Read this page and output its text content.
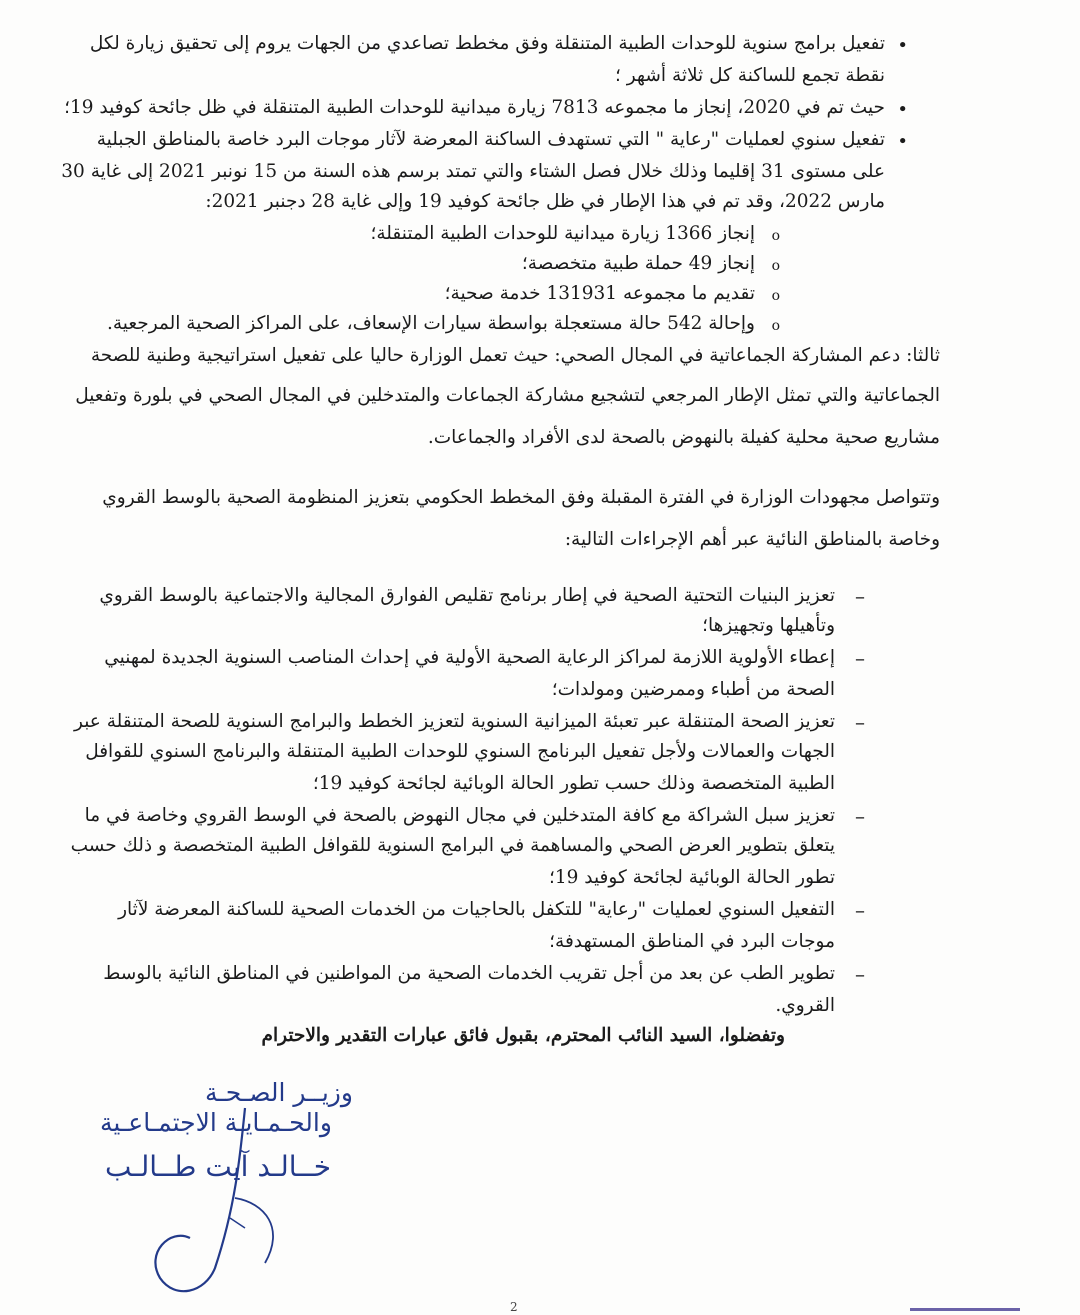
•
تفعيل برامج سنوية للوحدات الطبية المتنقلة وفق مخطط تصاعدي من الجهات يروم إلى تحقيق زيارة لكل
نقطة تجمع للساكنة كل ثلاثة أشهر ؛
•
حيث تم في 2020، إنجاز ما مجموعه 7813 زيارة ميدانية للوحدات الطبية المتنقلة في ظل جائحة كوفيد 19؛
•
تفعيل سنوي لعمليات "رعاية " التي تستهدف الساكنة المعرضة لآثار موجات البرد خاصة بالمناطق الجبلية
على مستوى 31 إقليما وذلك خلال فصل الشتاء والتي تمتد برسم هذه السنة من 15 نونبر 2021 إلى غاية 30
مارس 2022، وقد تم في هذا الإطار في ظل جائحة كوفيد 19 وإلى غاية 28 دجنبر 2021:
o
إنجاز 1366 زيارة ميدانية للوحدات الطبية المتنقلة؛
o
إنجاز 49 حملة طبية متخصصة؛
o
تقديم ما مجموعه 131931 خدمة صحية؛
o
وإحالة 542 حالة مستعجلة بواسطة سيارات الإسعاف، على المراكز الصحية المرجعية.
ثالثا: دعم المشاركة الجماعاتية في المجال الصحي: حيث تعمل الوزارة حاليا على تفعيل استراتيجية وطنية للصحة
الجماعاتية والتي تمثل الإطار المرجعي لتشجيع مشاركة الجماعات والمتدخلين في المجال الصحي في بلورة وتفعيل
مشاريع صحية محلية كفيلة بالنهوض بالصحة لدى الأفراد والجماعات.
وتتواصل مجهودات الوزارة في الفترة المقبلة وفق المخطط الحكومي بتعزيز المنظومة الصحية بالوسط القروي
وخاصة بالمناطق النائية عبر أهم الإجراءات التالية:
–
تعزيز البنيات التحتية الصحية في إطار برنامج تقليص الفوارق المجالية والاجتماعية بالوسط القروي
وتأهيلها وتجهيزها؛
–
إعطاء الأولوية اللازمة لمراكز الرعاية الصحية الأولية في إحداث المناصب السنوية الجديدة لمهنيي
الصحة من أطباء وممرضين ومولدات؛
–
تعزيز الصحة المتنقلة عبر تعبئة الميزانية السنوية لتعزيز الخطط والبرامج السنوية للصحة المتنقلة عبر
الجهات والعمالات ولأجل تفعيل البرنامج السنوي للوحدات الطبية المتنقلة والبرنامج السنوي للقوافل
الطبية المتخصصة وذلك حسب تطور الحالة الوبائية لجائحة كوفيد 19؛
–
تعزيز سبل الشراكة مع كافة المتدخلين في مجال النهوض بالصحة في الوسط القروي وخاصة في ما
يتعلق بتطوير العرض الصحي والمساهمة في البرامج السنوية للقوافل الطبية المتخصصة و ذلك حسب
تطور الحالة الوبائية لجائحة كوفيد 19؛
–
التفعيل السنوي لعمليات "رعاية" للتكفل بالحاجيات من الخدمات الصحية للساكنة المعرضة لآثار
موجات البرد في المناطق المستهدفة؛
–
تطوير الطب عن بعد من أجل تقريب الخدمات الصحية من المواطنين في المناطق النائية بالوسط
القروي.
وتفضلوا، السيد النائب المحترم، بقبول فائق عبارات التقدير والاحترام
وزيــر الصـحـة
والحـمـايـة الاجتمـاعـية
خــالـد آيت طــالـب
2
